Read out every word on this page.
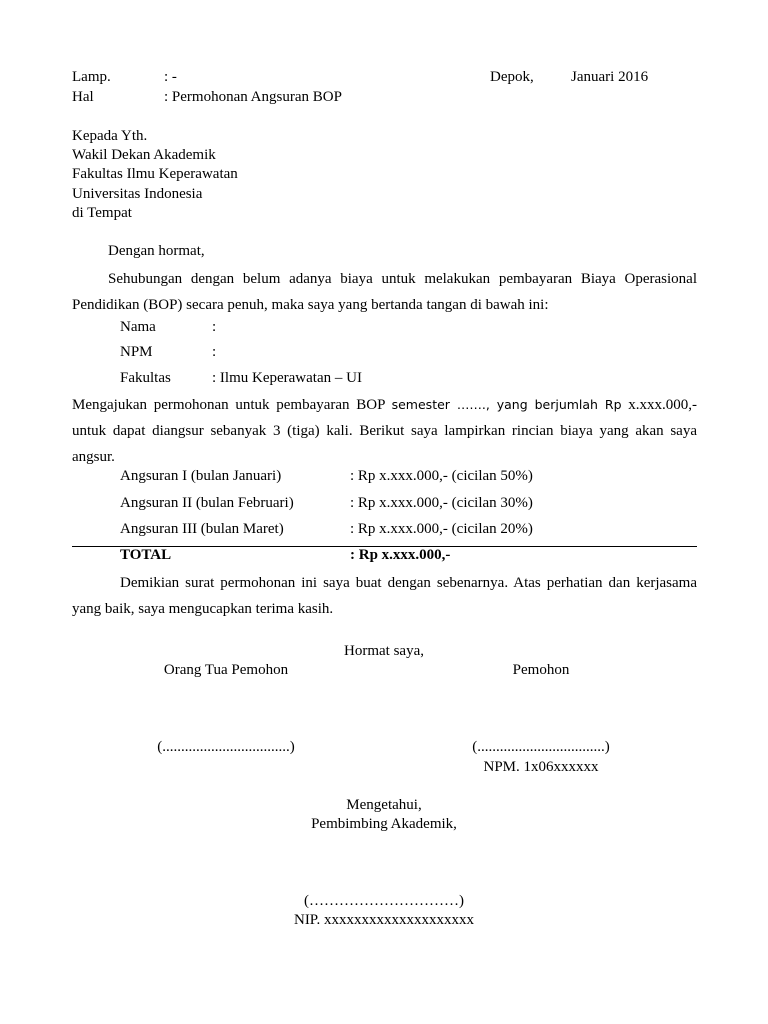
Lamp.	: -	Depok, Januari 2016
Hal	: Permohonan Angsuran BOP
Kepada Yth.
Wakil Dekan Akademik
Fakultas Ilmu Keperawatan
Universitas Indonesia
di Tempat
Dengan hormat,
Sehubungan dengan belum adanya biaya untuk melakukan pembayaran Biaya Operasional Pendidikan (BOP) secara penuh, maka saya yang bertanda tangan di bawah ini:
Nama	:
NPM	:
Fakultas	: Ilmu Keperawatan – UI
Mengajukan permohonan untuk pembayaran BOP semester ……., yang berjumlah Rp x.xxx.000,- untuk dapat diangsur sebanyak 3 (tiga) kali. Berikut saya lampirkan rincian biaya yang akan saya angsur.
Angsuran I (bulan Januari)	: Rp x.xxx.000,- (cicilan 50%)
Angsuran II (bulan Februari)	: Rp x.xxx.000,- (cicilan 30%)
Angsuran III (bulan Maret)	: Rp x.xxx.000,- (cicilan 20%)
TOTAL	: Rp x.xxx.000,-
Demikian surat permohonan ini saya buat dengan sebenarnya. Atas perhatian dan kerjasama yang baik, saya mengucapkan terima kasih.
Hormat saya,
Orang Tua Pemohon	Pemohon
(..................................)	(..................................)
NPM. 1x06xxxxxx
Mengetahui,
Pembimbing Akademik,
(…………………………)
NIP. xxxxxxxxxxxxxxxxxxxx
